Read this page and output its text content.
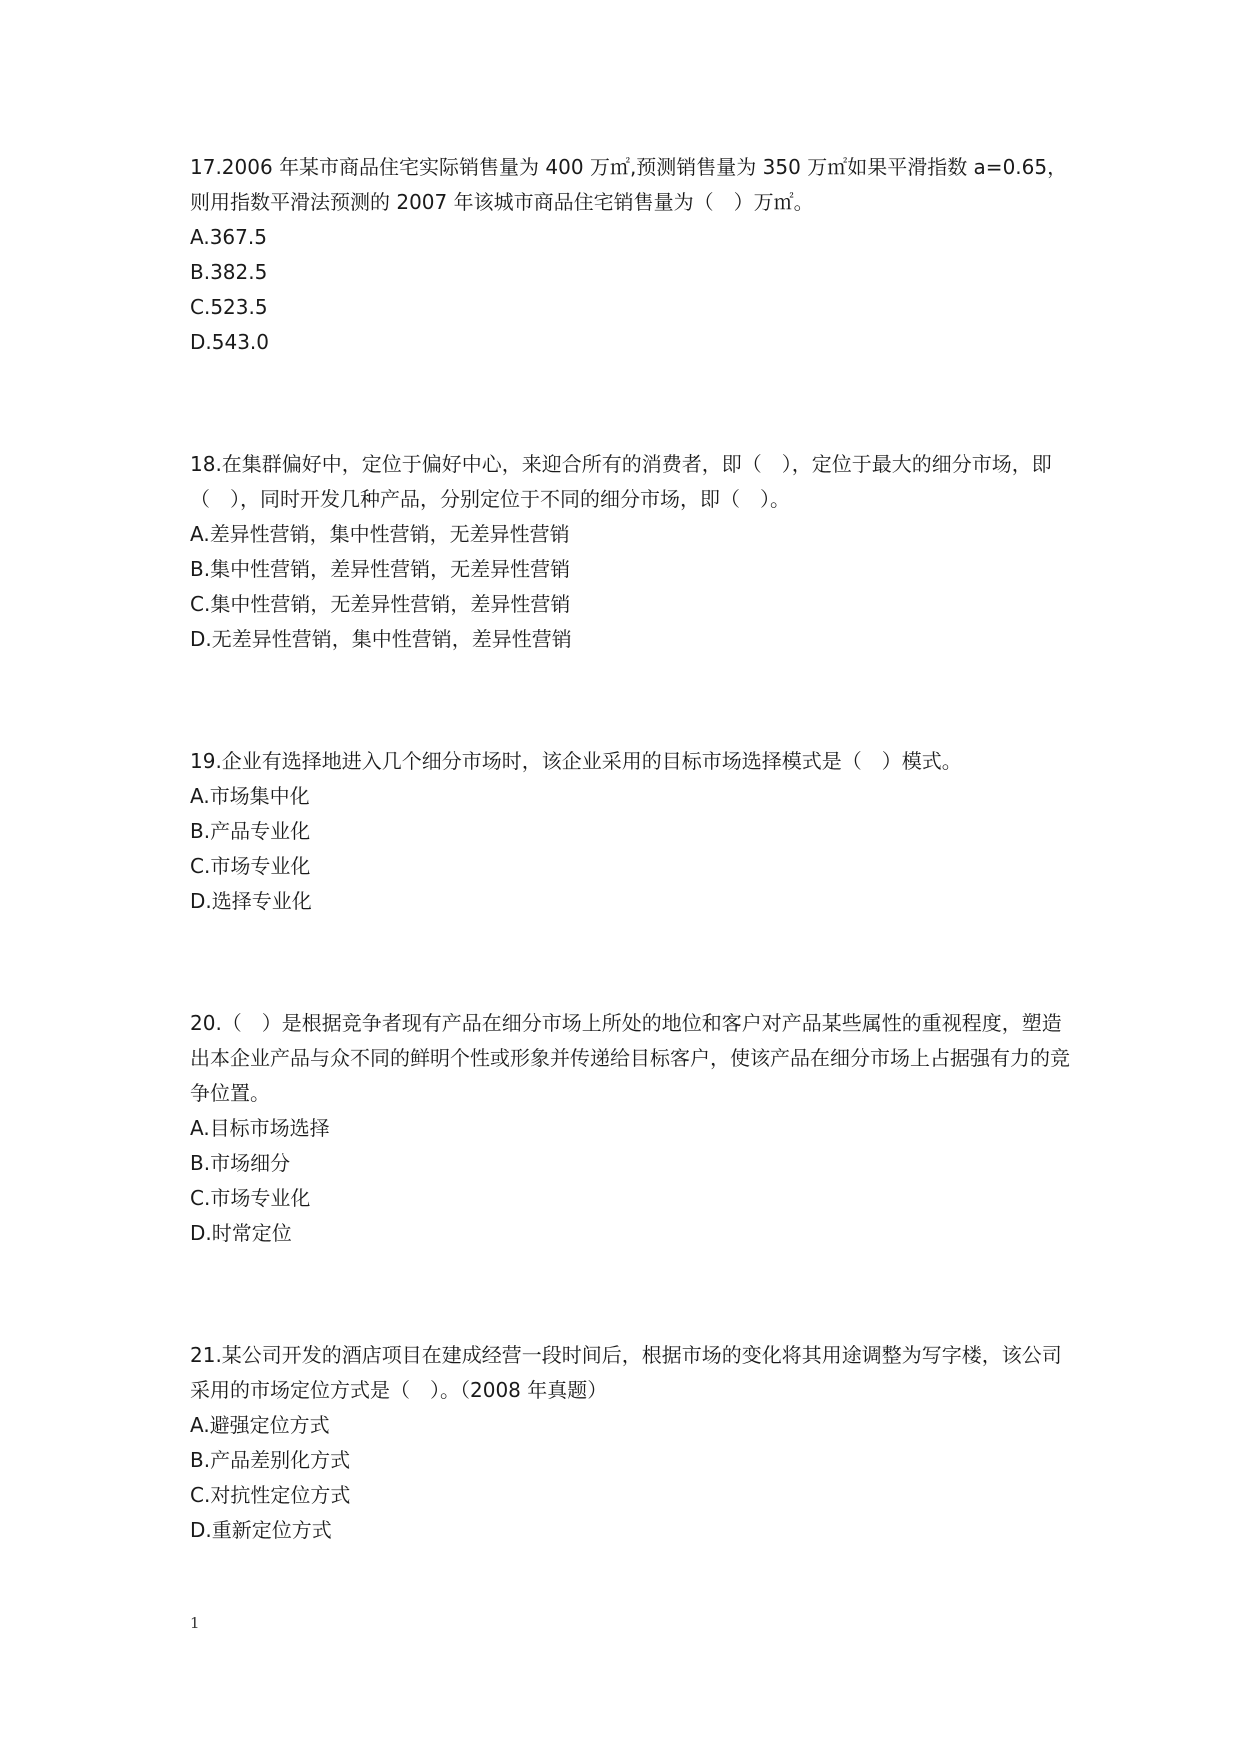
17.2006 年某市商品住宅实际销售量为 400 万㎡,预测销售量为 350 万㎡如果平滑指数 a=0.65，则用指数平滑法预测的 2007 年该城市商品住宅销售量为（　）万㎡。

A.367.5
B.382.5
C.523.5
D.543.0

18.在集群偏好中，定位于偏好中心，来迎合所有的消费者，即（　），定位于最大的细分市场，即（　），同时开发几种产品，分别定位于不同的细分市场，即（　）。

A.差异性营销，集中性营销，无差异性营销
B.集中性营销，差异性营销，无差异性营销
C.集中性营销，无差异性营销，差异性营销
D.无差异性营销，集中性营销，差异性营销

19.企业有选择地进入几个细分市场时，该企业采用的目标市场选择模式是（　）模式。

A.市场集中化
B.产品专业化
C.市场专业化
D.选择专业化

20.（　）是根据竞争者现有产品在细分市场上所处的地位和客户对产品某些属性的重视程度，塑造出本企业产品与众不同的鲜明个性或形象并传递给目标客户，使该产品在细分市场上占据强有力的竞争位置。

A.目标市场选择
B.市场细分
C.市场专业化
D.时常定位

21.某公司开发的酒店项目在建成经营一段时间后，根据市场的变化将其用途调整为写字楼，该公司采用的市场定位方式是（　）。（2008 年真题）

A.避强定位方式
B.产品差别化方式
C.对抗性定位方式
D.重新定位方式
1
